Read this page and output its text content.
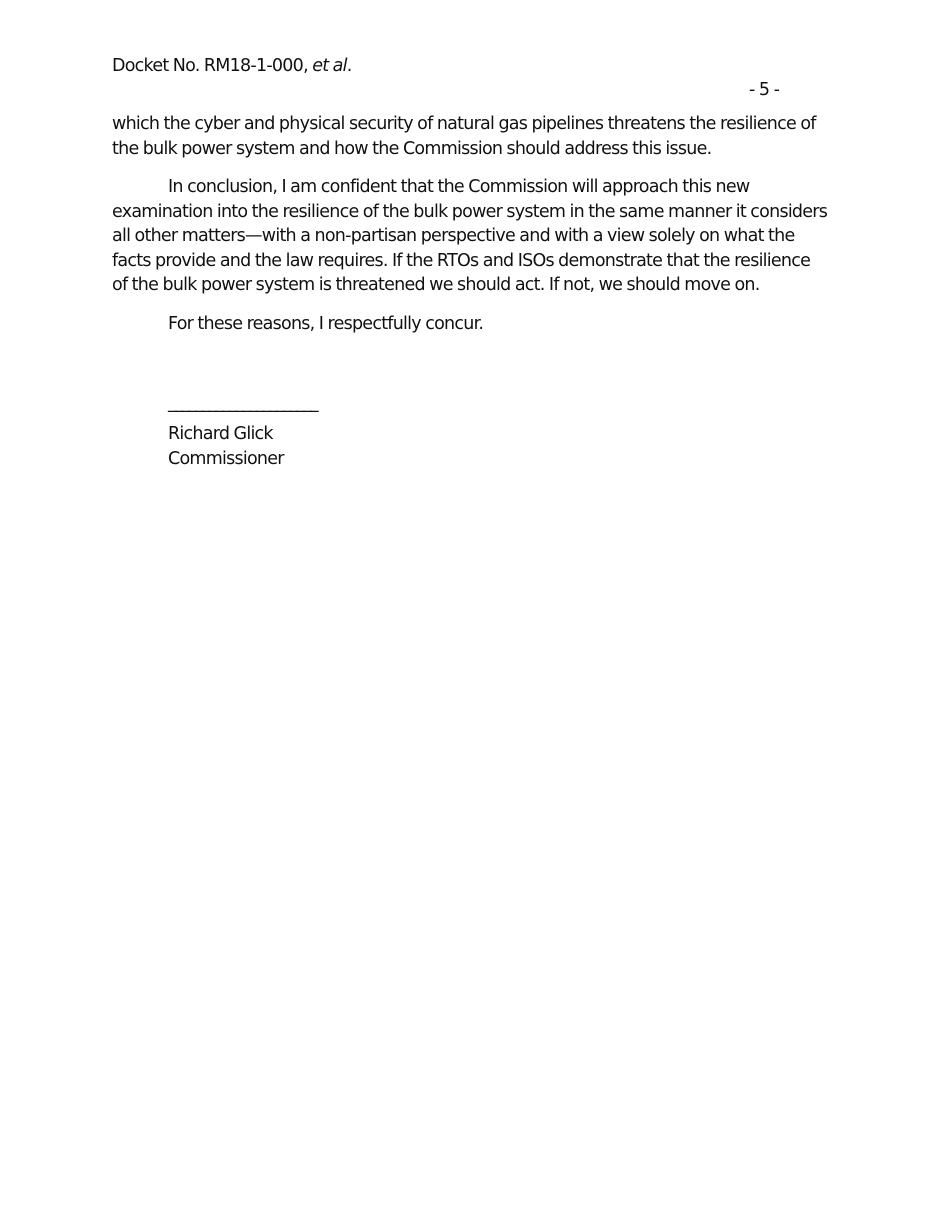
Docket No. RM18-1-000, et al.
- 5 -

which the cyber and physical security of natural gas pipelines threatens the resilience of
the bulk power system and how the Commission should address this issue.

In conclusion, I am confident that the Commission will approach this new
examination into the resilience of the bulk power system in the same manner it considers
all other matters—with a non-partisan perspective and with a view solely on what the
facts provide and the law requires. If the RTOs and ISOs demonstrate that the resilience
of the bulk power system is threatened we should act. If not, we should move on.

For these reasons, I respectfully concur.

______________________
Richard Glick
Commissioner
